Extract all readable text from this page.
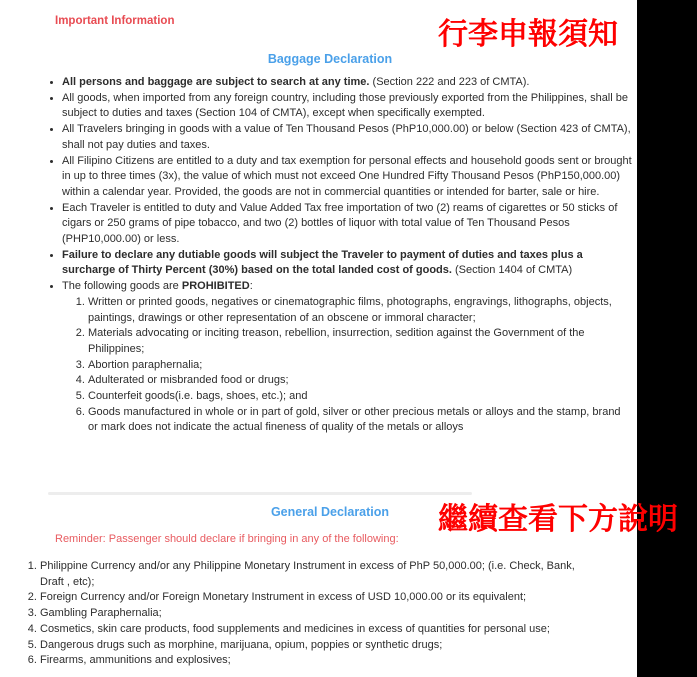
Important Information	行李申報須知
Baggage Declaration
• All persons and baggage are subject to search at any time. (Section 222 and 223 of CMTA).
• All goods, when imported from any foreign country, including those previously exported from the Philippines, shall be subject to duties and taxes (Section 104 of CMTA), except when specifically exempted.
• All Travelers bringing in goods with a value of Ten Thousand Pesos (PhP10,000.00) or below (Section 423 of CMTA), shall not pay duties and taxes.
• All Filipino Citizens are entitled to a duty and tax exemption for personal effects and household goods sent or brought in up to three times (3x), the value of which must not exceed One Hundred Fifty Thousand Pesos (PhP150,000.00) within a calendar year. Provided, the goods are not in commercial quantities or intended for barter, sale or hire.
• Each Traveler is entitled to duty and Value Added Tax free importation of two (2) reams of cigarettes or 50 sticks of cigars or 250 grams of pipe tobacco, and two (2) bottles of liquor with total value of Ten Thousand Pesos (PHP10,000.00) or less.
• Failure to declare any dutiable goods will subject the Traveler to payment of duties and taxes plus a surcharge of Thirty Percent (30%) based on the total landed cost of goods. (Section 1404 of CMTA)
• The following goods are PROHIBITED:
1. Written or printed goods, negatives or cinematographic films, photographs, engravings, lithographs, objects, paintings, drawings or other representation of an obscene or immoral character;
2. Materials advocating or inciting treason, rebellion, insurrection, sedition against the Government of the Philippines;
3. Abortion paraphernalia;
4. Adulterated or misbranded food or drugs;
5. Counterfeit goods(i.e. bags, shoes, etc.); and
6. Goods manufactured in whole or in part of gold, silver or other precious metals or alloys and the stamp, brand or mark does not indicate the actual fineness of quality of the metals or alloys
General Declaration	繼續查看下方說明
Reminder: Passenger should declare if bringing in any of the following:
1. Philippine Currency and/or any Philippine Monetary Instrument in excess of PhP 50,000.00; (i.e. Check, Bank, Draft , etc);
2. Foreign Currency and/or Foreign Monetary Instrument in excess of USD 10,000.00 or its equivalent;
3. Gambling Paraphernalia;
4. Cosmetics, skin care products, food supplements and medicines in excess of quantities for personal use;
5. Dangerous drugs such as morphine, marijuana, opium, poppies or synthetic drugs;
6. Firearms, ammunitions and explosives;
